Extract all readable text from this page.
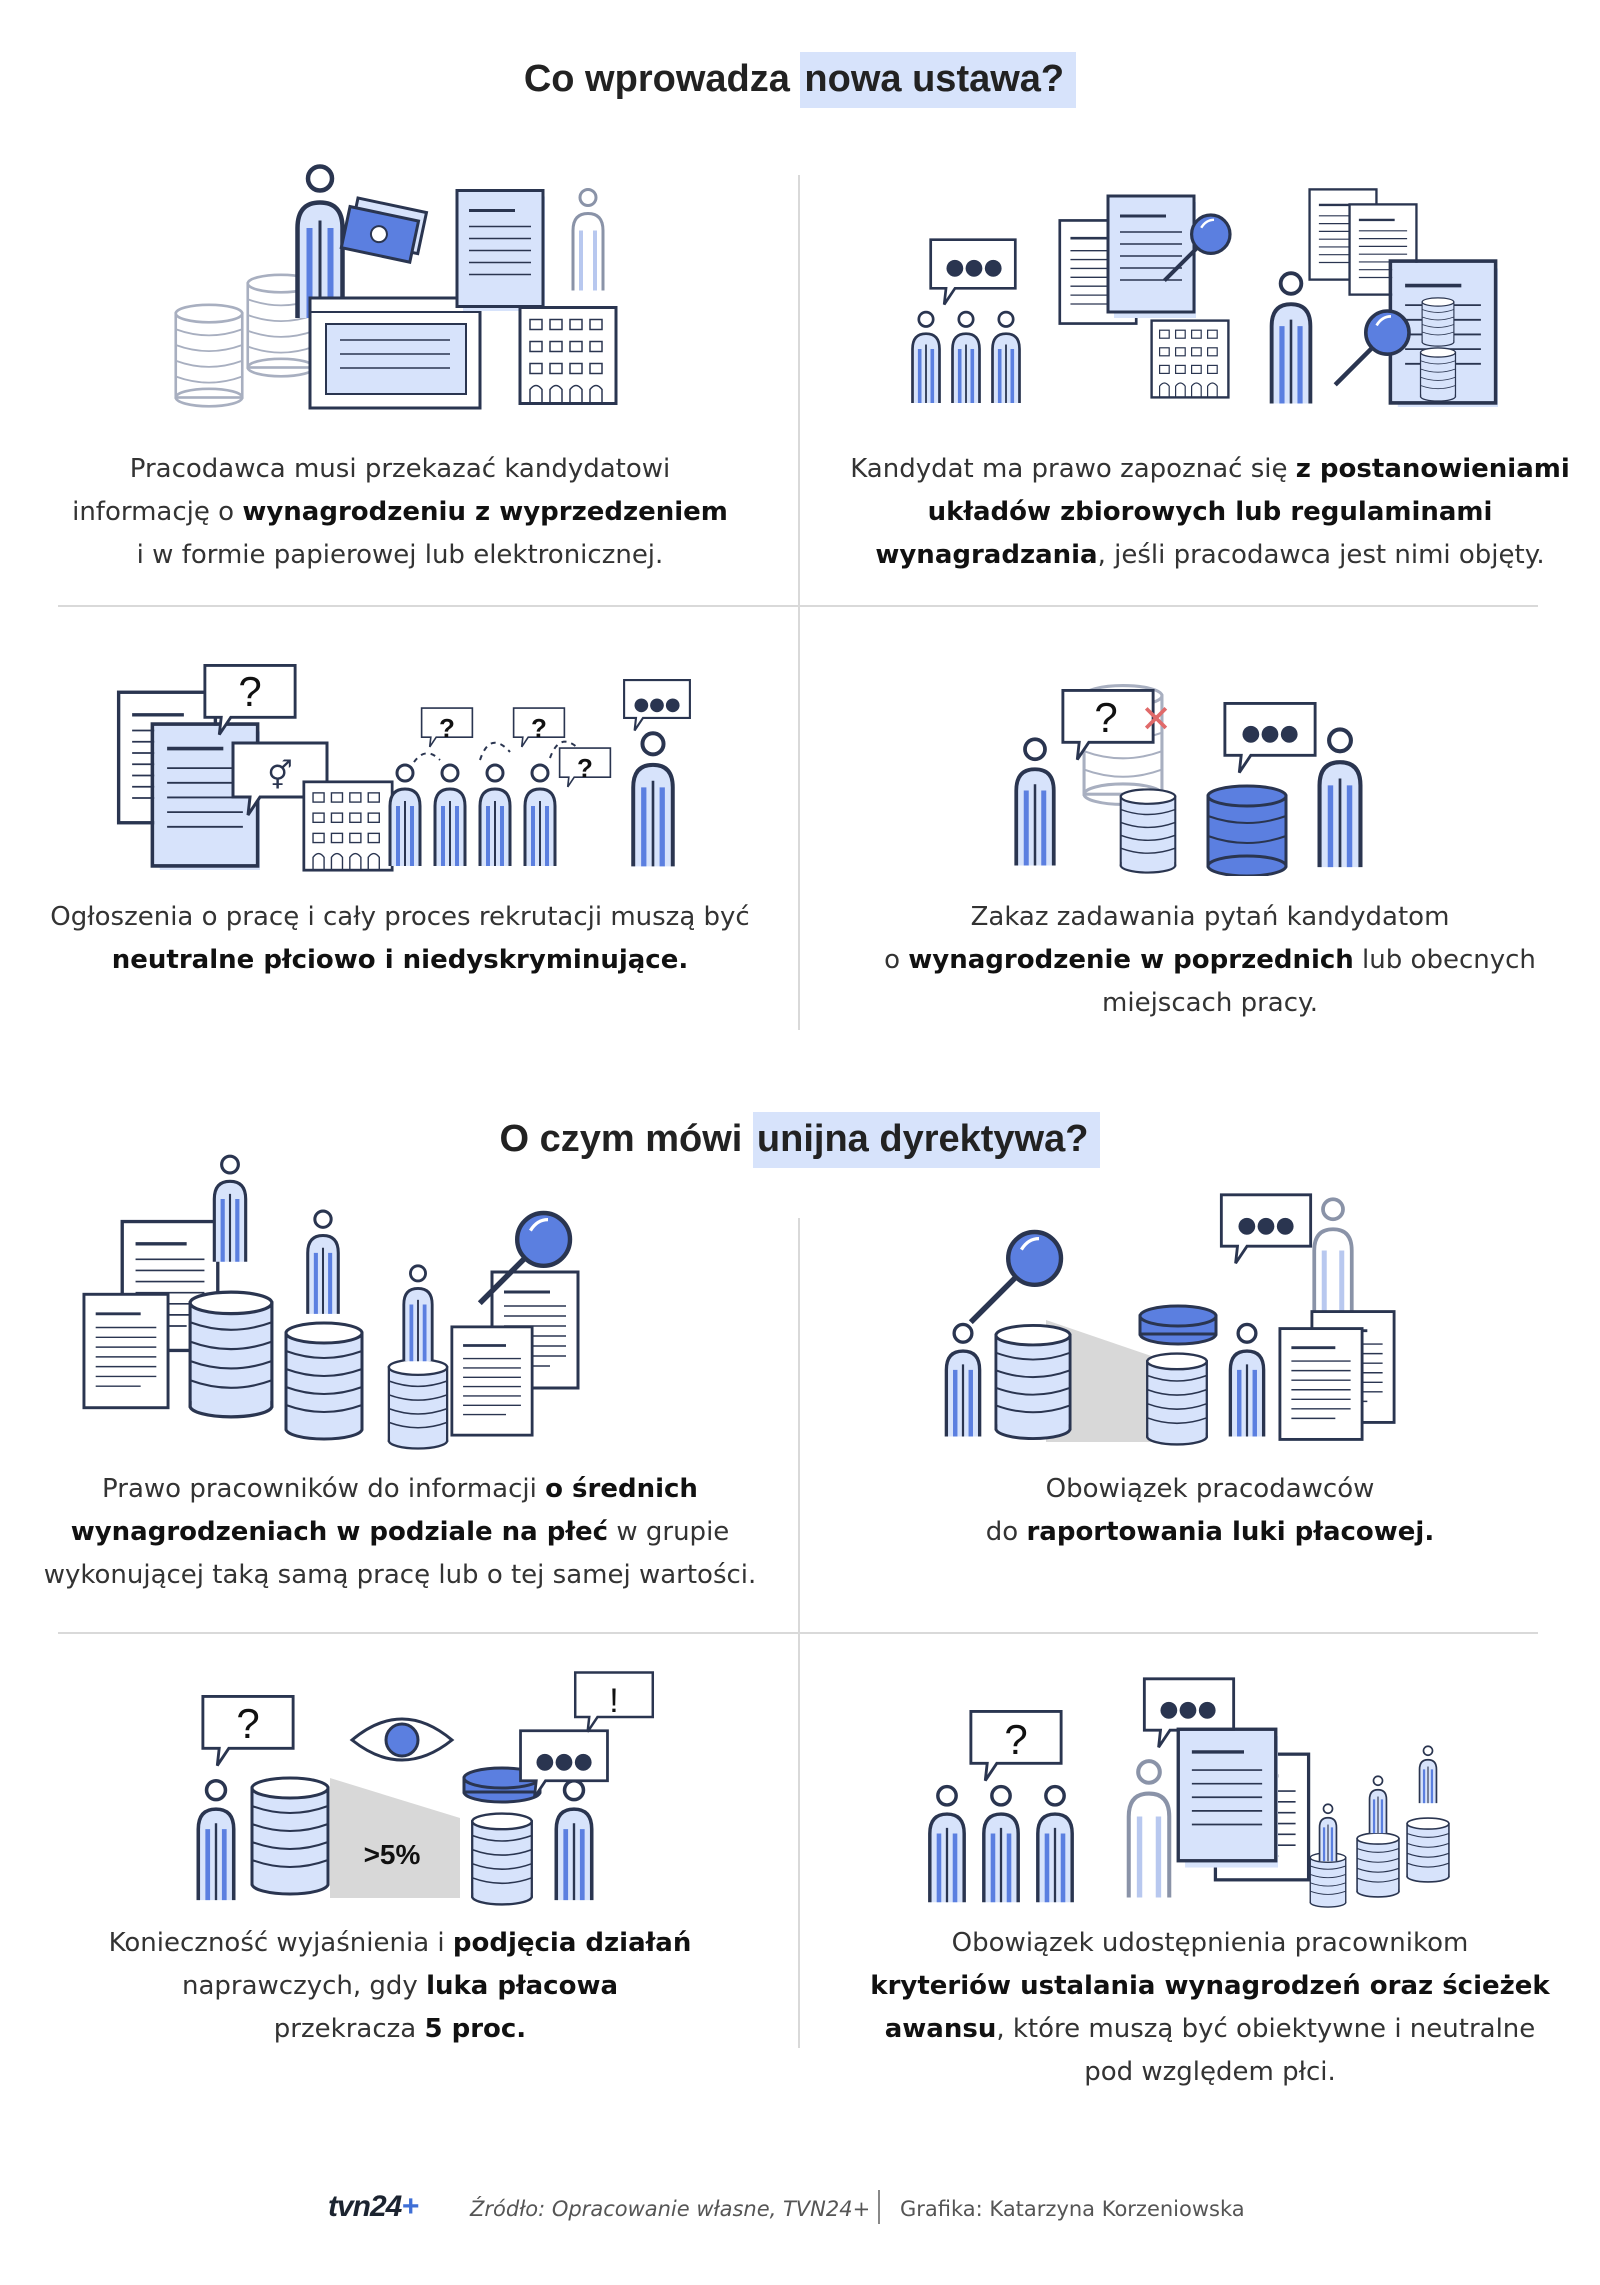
Co wprowadza nowa ustawa?
Pracodawca musi przekazać kandydatowi
informację o wynagrodzeniu z wyprzedzeniem
i w formie papierowej lub elektronicznej.
●●●
Kandydat ma prawo zapoznać się z postanowieniami
układów zbiorowych lub regulaminami
wynagradzania, jeśli pracodawca jest nimi objęty.
?
⚥
?	?
?
●●●
Ogłoszenia o pracę i cały proces rekrutacji muszą być
neutralne płciowo i niedyskryminujące.
? ✕	●●●
Zakaz zadawania pytań kandydatom
o wynagrodzenie w poprzednich lub obecnych
miejscach pracy.
O czym mówi unijna dyrektywa?
Prawo pracowników do informacji o średnich
wynagrodzeniach w podziale na płeć w grupie
wykonującej taką samą pracę lub o tej samej wartości.
●●●
Obowiązek pracodawców
do raportowania luki płacowej.
>5%
?
●●●
!
Konieczność wyjaśnienia i podjęcia działań
naprawczych, gdy luka płacowa
przekracza 5 proc.
?
●●●
Obowiązek udostępnienia pracownikom
kryteriów ustalania wynagrodzeń oraz ścieżek
awansu, które muszą być obiektywne i neutralne
pod względem płci.
tvn24+ Źródło: Opracowanie własne, TVN24+ Grafika: Katarzyna Korzeniowska
